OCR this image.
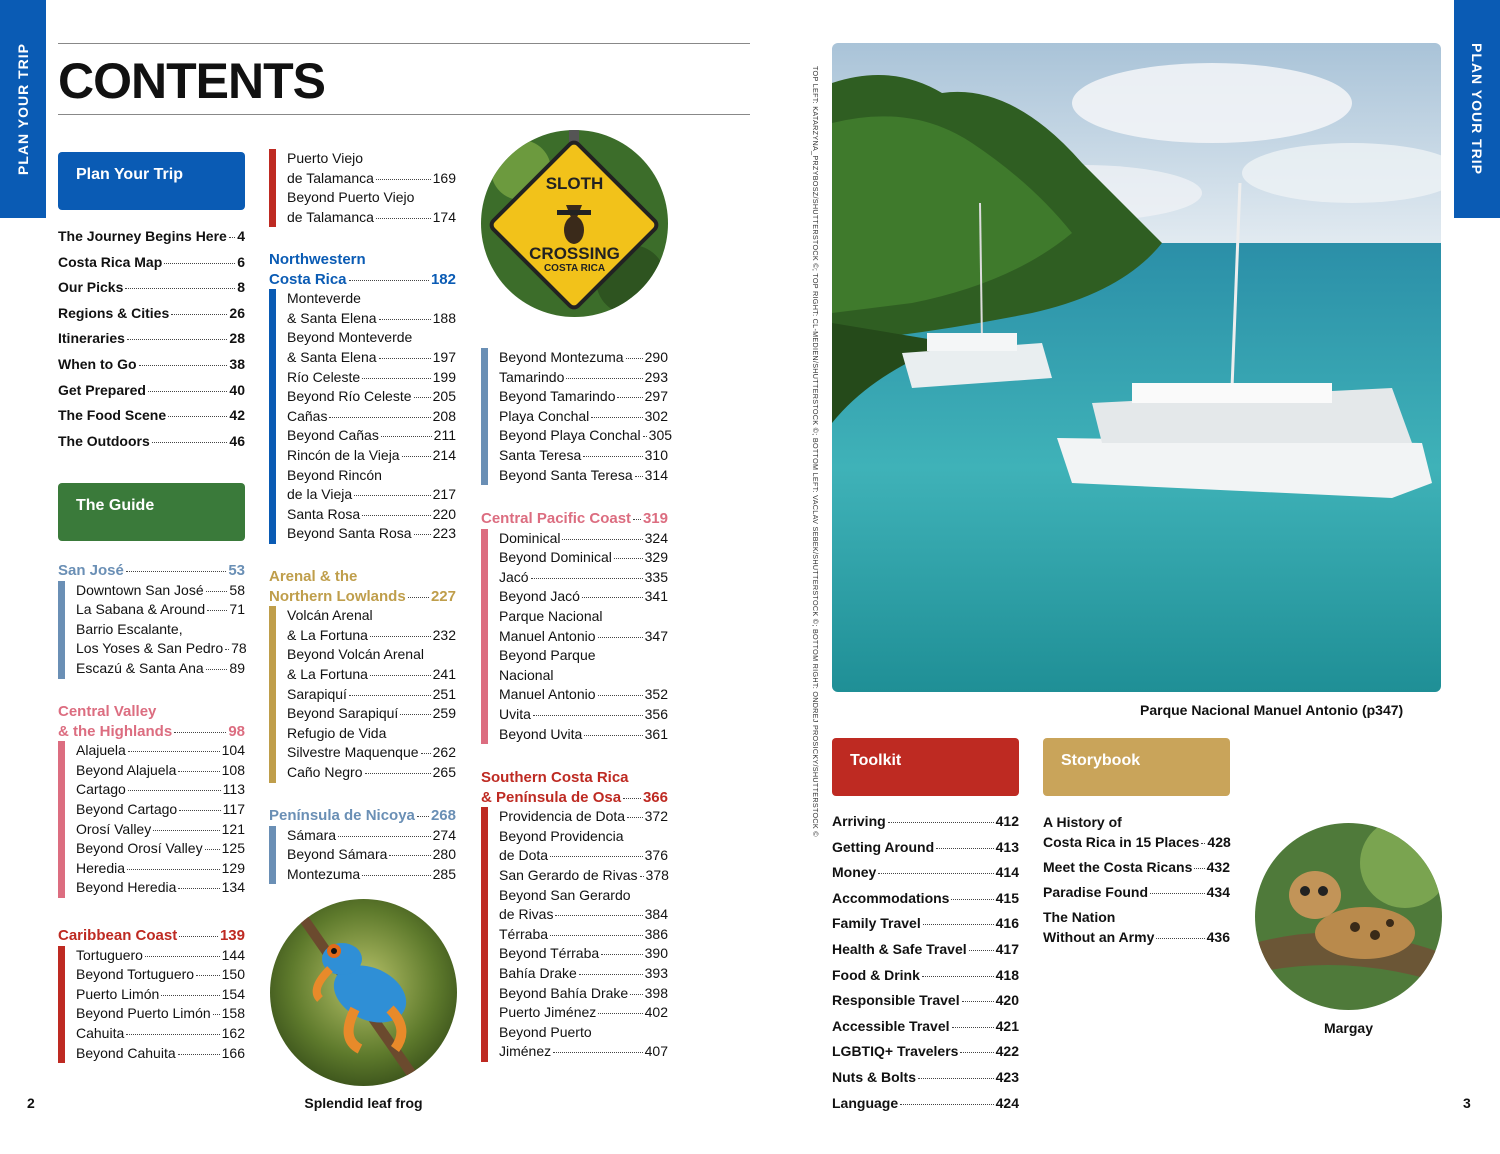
PLAN YOUR TRIP	PLAN YOUR TRIP
CONTENTS
Plan Your Trip
The Journey Begins Here 4
Costa Rica Map	6
Our Picks	8
Regions & Cities	26
Itineraries	28
When to Go	38
Get Prepared	40
The Food Scene	42
The Outdoors	46
The Guide
San José	53
Downtown San José 58
La Sabana & Around 71
Barrio Escalante,
Los Yoses & San Pedro 78
Escazú & Santa Ana 89
Central Valley
& the Highlands	98
Alajuela	104
Beyond Alajuela	108
Cartago	113
Beyond Cartago	117
Orosí Valley	121
Beyond Orosí Valley 125
Heredia	129
Beyond Heredia	134
Caribbean Coast	139
Tortuguero	144
Beyond Tortuguero 150
Puerto Limón	154
Beyond Puerto Limón 158
Cahuita	162
Beyond Cahuita	166
Puerto Viejo
de Talamanca	169
Beyond Puerto Viejo
de Talamanca	174
Northwestern
Costa Rica	182
Monteverde
& Santa Elena	188
Beyond Monteverde
& Santa Elena	197
Río Celeste	199
Beyond Río Celeste 205
Cañas	208
Beyond Cañas	211
Rincón de la Vieja 214
Beyond Rincón
de la Vieja	217
Santa Rosa	220
Beyond Santa Rosa 223
Arenal & the
Northern Lowlands 227
Volcán Arenal
& La Fortuna	232
Beyond Volcán Arenal
& La Fortuna	241
Sarapiquí	251
Beyond Sarapiquí 259
Refugio de Vida
Silvestre Maquenque 262
Caño Negro	265
Península de Nicoya 268
Sámara	274
Beyond Sámara	280
Montezuma	285
Splendid leaf frog
SLOTH
CROSSING
COSTA RICA
Beyond Montezuma 290
Tamarindo	293
Beyond Tamarindo 297
Playa Conchal	302
Beyond Playa Conchal 305
Santa Teresa	310
Beyond Santa Teresa 314
Central Pacific Coast 319
Dominical	324
Beyond Dominical 329
Jacó	335
Beyond Jacó	341
Parque Nacional
Manuel Antonio	347
Beyond Parque
Nacional
Manuel Antonio	352
Uvita	356
Beyond Uvita	361
Southern Costa Rica
& Península de Osa 366
Providencia de Dota 372
Beyond Providencia
de Dota	376
San Gerardo de Rivas 378
Beyond San Gerardo
de Rivas	384
Térraba	386
Beyond Térraba	390
Bahía Drake	393
Beyond Bahía Drake 398
Puerto Jiménez	402
Beyond Puerto
Jiménez	407
2
TOP LEFT: KATARZYNA_PRZYBOSZ/SHUTTERSTOCK ©; TOP RIGHT: CL-MEDIEN/SHUTTERSTOCK ©; BOTTOM LEFT: VACLAV SEBEK/SHUTTERSTOCK ©; BOTTOM RIGHT: ONDREJ PROSICKY/SHUTTERSTOCK ©	Parque Nacional Manuel Antonio (p347)
Toolkit
Arriving	412
Getting Around	413
Money	414
Accommodations	415
Family Travel	416
Health & Safe Travel 417
Food & Drink	418
Responsible Travel	420
Accessible Travel	421
LGBTIQ+ Travelers	422
Nuts & Bolts	423
Language	424
Storybook
A History of
Costa Rica in 15 Places 428
Meet the Costa Ricans 432
Paradise Found	434
The Nation
Without an Army	436
Margay
3
